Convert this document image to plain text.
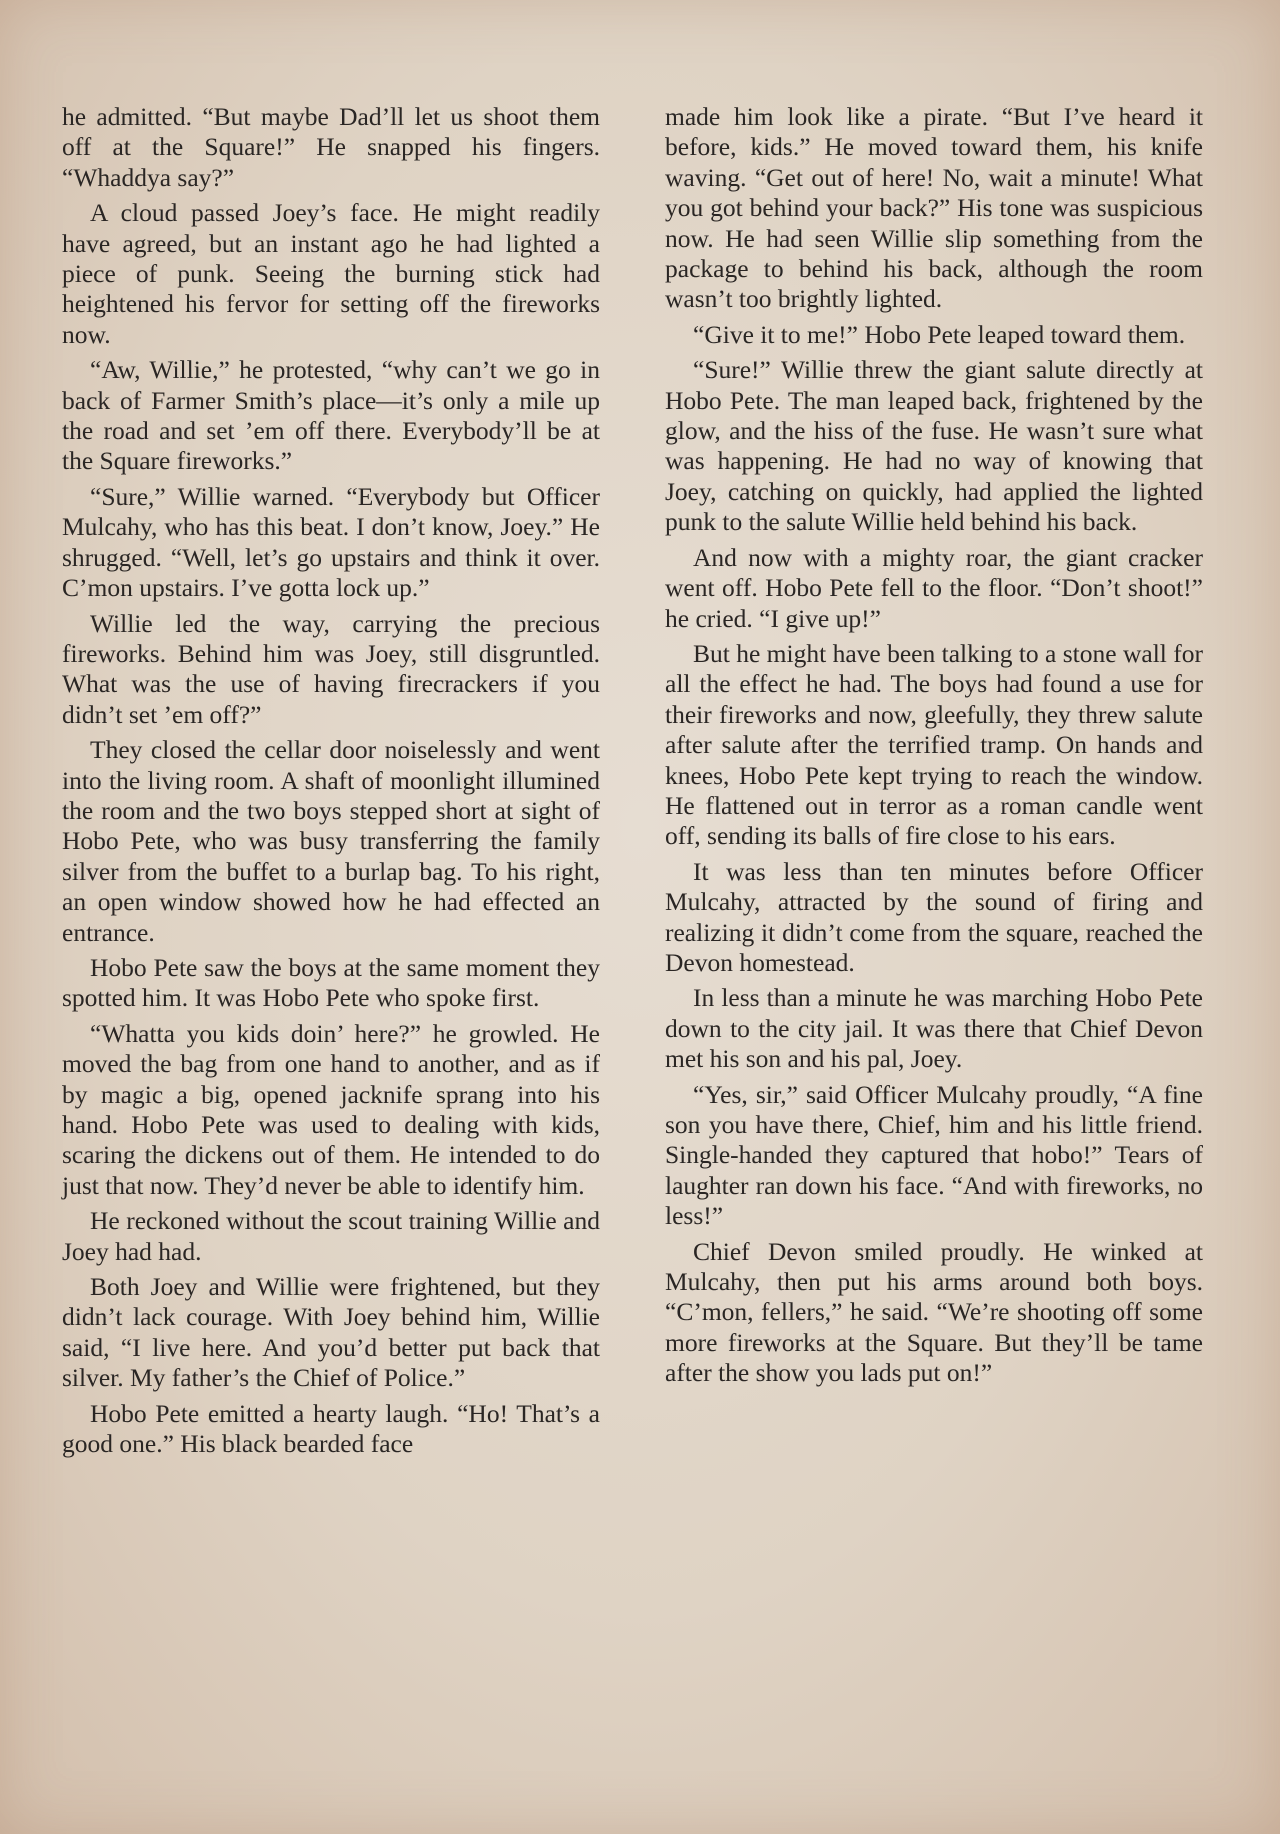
he admitted. “But maybe Dad’ll let us shoot them off at the Square!” He snapped his fingers. “Whaddya say?”

A cloud passed Joey’s face. He might readily have agreed, but an instant ago he had lighted a piece of punk. Seeing the burning stick had heightened his fervor for setting off the fireworks now.

“Aw, Willie,” he protested, “why can’t we go in back of Farmer Smith’s place—it’s only a mile up the road and set ’em off there. Everybody’ll be at the Square fireworks.”

“Sure,” Willie warned. “Everybody but Officer Mulcahy, who has this beat. I don’t know, Joey.” He shrugged. “Well, let’s go upstairs and think it over. C’mon upstairs. I’ve gotta lock up.”

Willie led the way, carrying the precious fireworks. Behind him was Joey, still disgruntled. What was the use of having firecrackers if you didn’t set ’em off?”

They closed the cellar door noiselessly and went into the living room. A shaft of moonlight illumined the room and the two boys stepped short at sight of Hobo Pete, who was busy transferring the family silver from the buffet to a burlap bag. To his right, an open window showed how he had effected an entrance.

Hobo Pete saw the boys at the same moment they spotted him. It was Hobo Pete who spoke first.

“Whatta you kids doin’ here?” he growled. He moved the bag from one hand to another, and as if by magic a big, opened jacknife sprang into his hand. Hobo Pete was used to dealing with kids, scaring the dickens out of them. He intended to do just that now. They’d never be able to identify him.

He reckoned without the scout training Willie and Joey had had.

Both Joey and Willie were frightened, but they didn’t lack courage. With Joey behind him, Willie said, “I live here. And you’d better put back that silver. My father’s the Chief of Police.”

Hobo Pete emitted a hearty laugh. “Ho! That’s a good one.” His black bearded face

made him look like a pirate. “But I’ve heard it before, kids.” He moved toward them, his knife waving. “Get out of here! No, wait a minute! What you got behind your back?” His tone was suspicious now. He had seen Willie slip something from the package to behind his back, although the room wasn’t too brightly lighted.

“Give it to me!” Hobo Pete leaped toward them.

“Sure!” Willie threw the giant salute directly at Hobo Pete. The man leaped back, frightened by the glow, and the hiss of the fuse. He wasn’t sure what was happening. He had no way of knowing that Joey, catching on quickly, had applied the lighted punk to the salute Willie held behind his back.

And now with a mighty roar, the giant cracker went off. Hobo Pete fell to the floor. “Don’t shoot!” he cried. “I give up!”

But he might have been talking to a stone wall for all the effect he had. The boys had found a use for their fireworks and now, gleefully, they threw salute after salute after the terrified tramp. On hands and knees, Hobo Pete kept trying to reach the window. He flattened out in terror as a roman candle went off, sending its balls of fire close to his ears.

It was less than ten minutes before Officer Mulcahy, attracted by the sound of firing and realizing it didn’t come from the square, reached the Devon homestead.

In less than a minute he was marching Hobo Pete down to the city jail. It was there that Chief Devon met his son and his pal, Joey.

“Yes, sir,” said Officer Mulcahy proudly, “A fine son you have there, Chief, him and his little friend. Single-handed they captured that hobo!” Tears of laughter ran down his face. “And with fireworks, no less!”

Chief Devon smiled proudly. He winked at Mulcahy, then put his arms around both boys. “C’mon, fellers,” he said. “We’re shooting off some more fireworks at the Square. But they’ll be tame after the show you lads put on!”
